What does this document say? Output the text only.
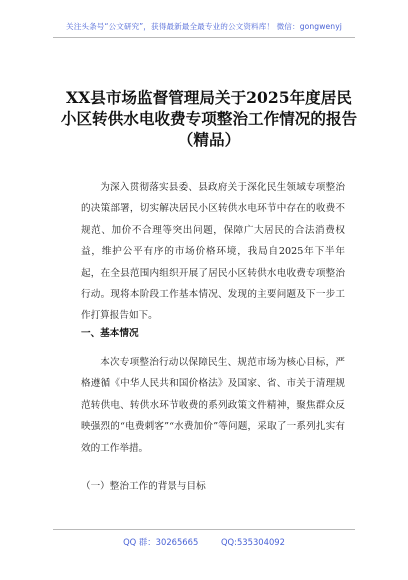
关注头条号“公文研究”，获得最新最全最专业的公文资料库！ 微信：gongwenyj
XX县市场监督管理局关于2025年度居民
小区转供水电收费专项整治工作情况的报告
（精品）

为深入贯彻落实县委、县政府关于深化民生领域专项整治的决策部署，切实解决居民小区转供水电环节中存在的收费不规范、加价不合理等突出问题，保障广大居民的合法消费权益，维护公平有序的市场价格环境，我局自2025年下半年起，在全县范围内组织开展了居民小区转供水电收费专项整治行动。现将本阶段工作基本情况、发现的主要问题及下一步工作打算报告如下。

一、基本情况

本次专项整治行动以保障民生、规范市场为核心目标，严格遵循《中华人民共和国价格法》及国家、省、市关于清理规范转供电、转供水环节收费的系列政策文件精神，聚焦群众反映强烈的“电费刺客”“水费加价”等问题，采取了一系列扎实有效的工作举措。

（一）整治工作的背景与目标
QQ 群：30265665	QQ:535304092
